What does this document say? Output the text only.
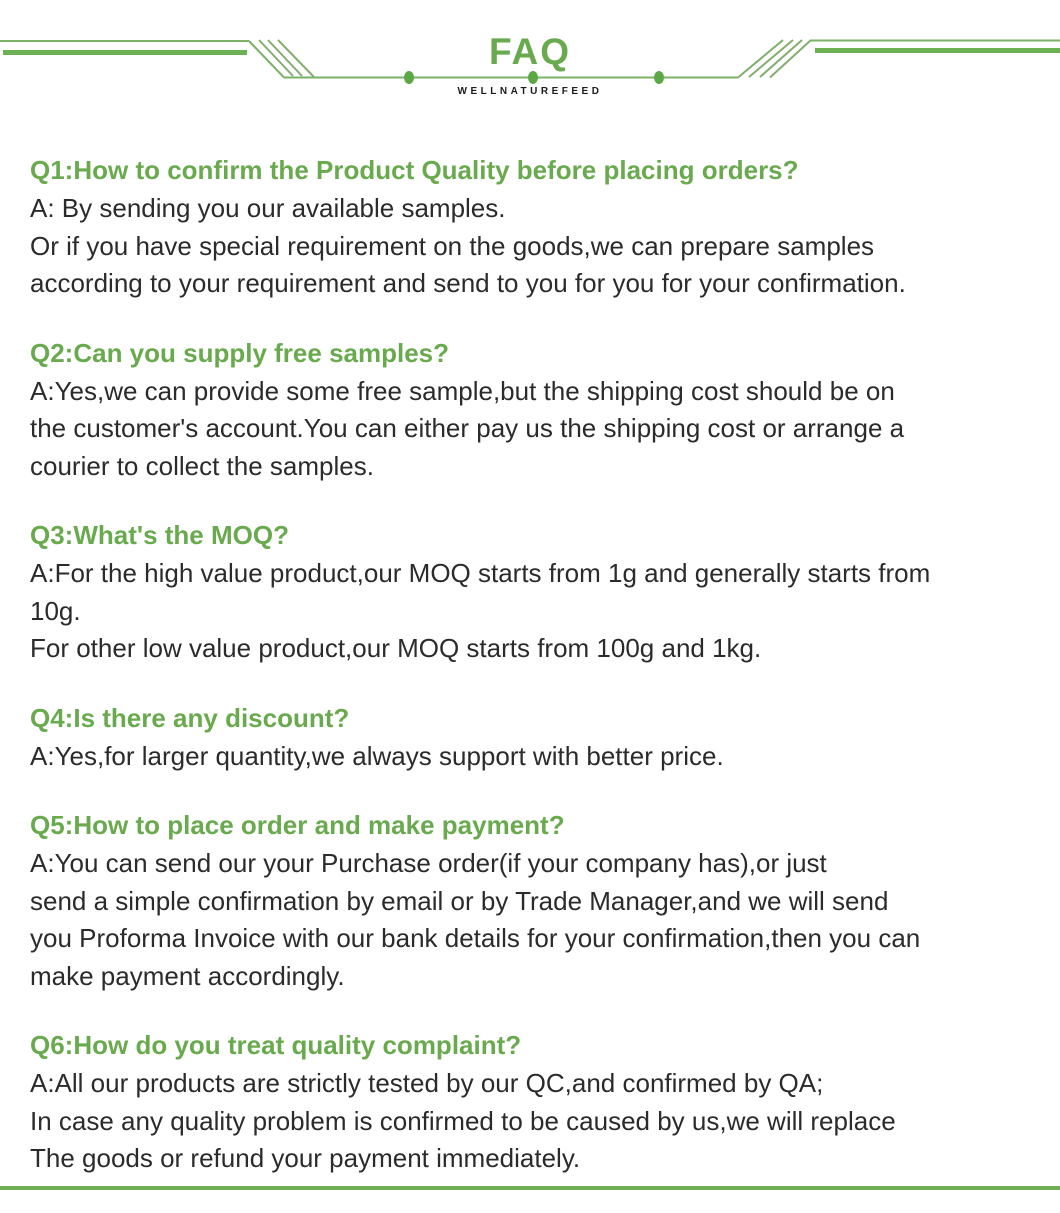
FAQ
WELLNATUREFEED
Q1:How to confirm the Product Quality before placing orders?
A: By sending you our available samples.
Or if you have special requirement on the goods,we can prepare samples
according to your requirement and send to you for you for your confirmation.
Q2:Can you supply free samples?
A:Yes,we can provide some free sample,but the shipping cost should be on
the customer's account.You can either pay us the shipping cost or arrange a
courier to collect the samples.
Q3:What's the MOQ?
A:For the high value product,our MOQ starts from 1g and generally starts from
10g.
For other low value product,our MOQ starts from 100g and 1kg.
Q4:Is there any discount?
A:Yes,for larger quantity,we always support with better price.
Q5:How to place order and make payment?
A:You can send our your Purchase order(if your company has),or just
send a simple confirmation by email or by Trade Manager,and we will send
you Proforma Invoice with our bank details for your confirmation,then you can
make payment accordingly.
Q6:How do you treat quality complaint?
A:All our products are strictly tested by our QC,and confirmed by QA;
In case any quality problem is confirmed to be caused by us,we will replace
The goods or refund your payment immediately.
